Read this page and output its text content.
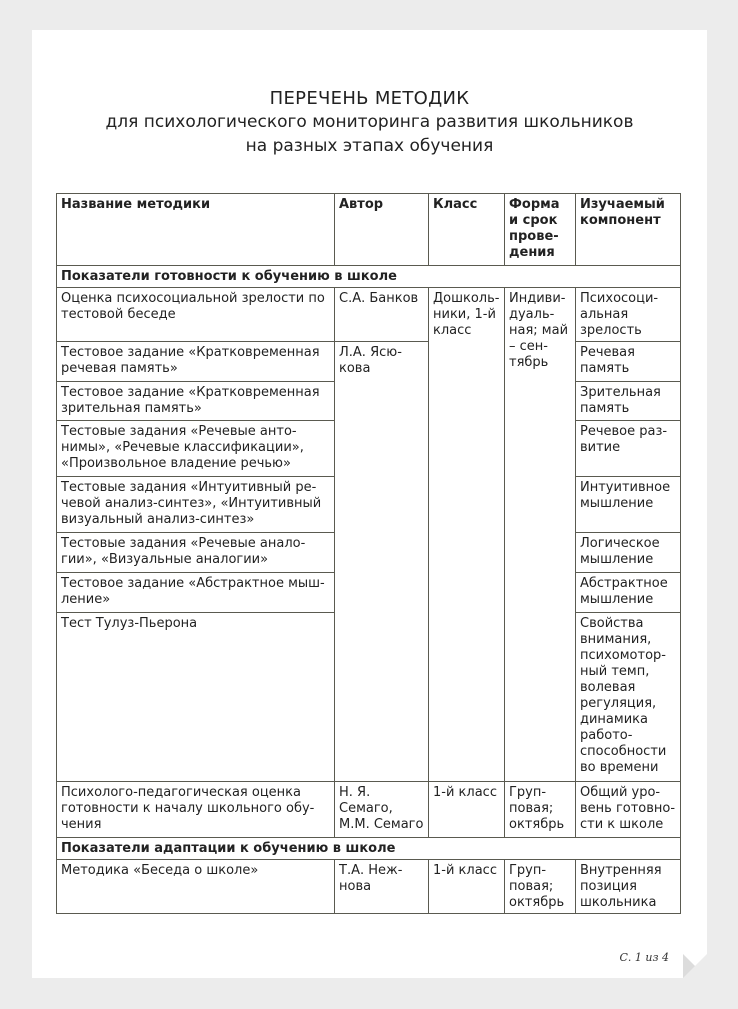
ПЕРЕЧЕНЬ МЕТОДИК
для психологического мониторинга развития школьников
на разных этапах обучения
Название методики	Автор	Класс	Форма и срок прове-дения	Изучаемый компонент
Показатели готовности к обучению в школе				
Оценка психосоциальной зрелости по тестовой беседе	С.А. Банков	Дошколь-ники, 1-й класс	Индиви-дуаль-ная; май – сен-тябрь	Психосоци-альная зрелость
Тестовое задание «Кратковременная речевая память»	Л.А. Ясю-кова			Речевая память
Тестовое задание «Кратковременная зрительная память»				Зрительная память
Тестовые задания «Речевые анто-нимы», «Речевые классификации», «Произвольное владение речью»				Речевое раз-витие
Тестовые задания «Интуитивный ре-чевой анализ-синтез», «Интуитивный визуальный анализ-синтез»				Интуитивное мышление
Тестовые задания «Речевые анало-гии», «Визуальные аналогии»				Логическое мышление
Тестовое задание «Абстрактное мыш-ление»				Абстрактное мышление
Тест Тулуз-Пьерона				Свойства внимания, психомотор-ный темп, волевая регуляция, динамика работо-способности во времени
Психолого-педагогическая оценка готовности к началу школьного обу-чения	Н. Я. Семаго, М.М. Семаго	1-й класс	Груп-повая; октябрь	Общий уро-вень готовно-сти к школе
Показатели адаптации к обучению в школе				
Методика «Беседа о школе»	Т.А. Неж-нова	1-й класс	Груп-повая; октябрь	Внутренняя позиция школьника
С. 1 из 4
